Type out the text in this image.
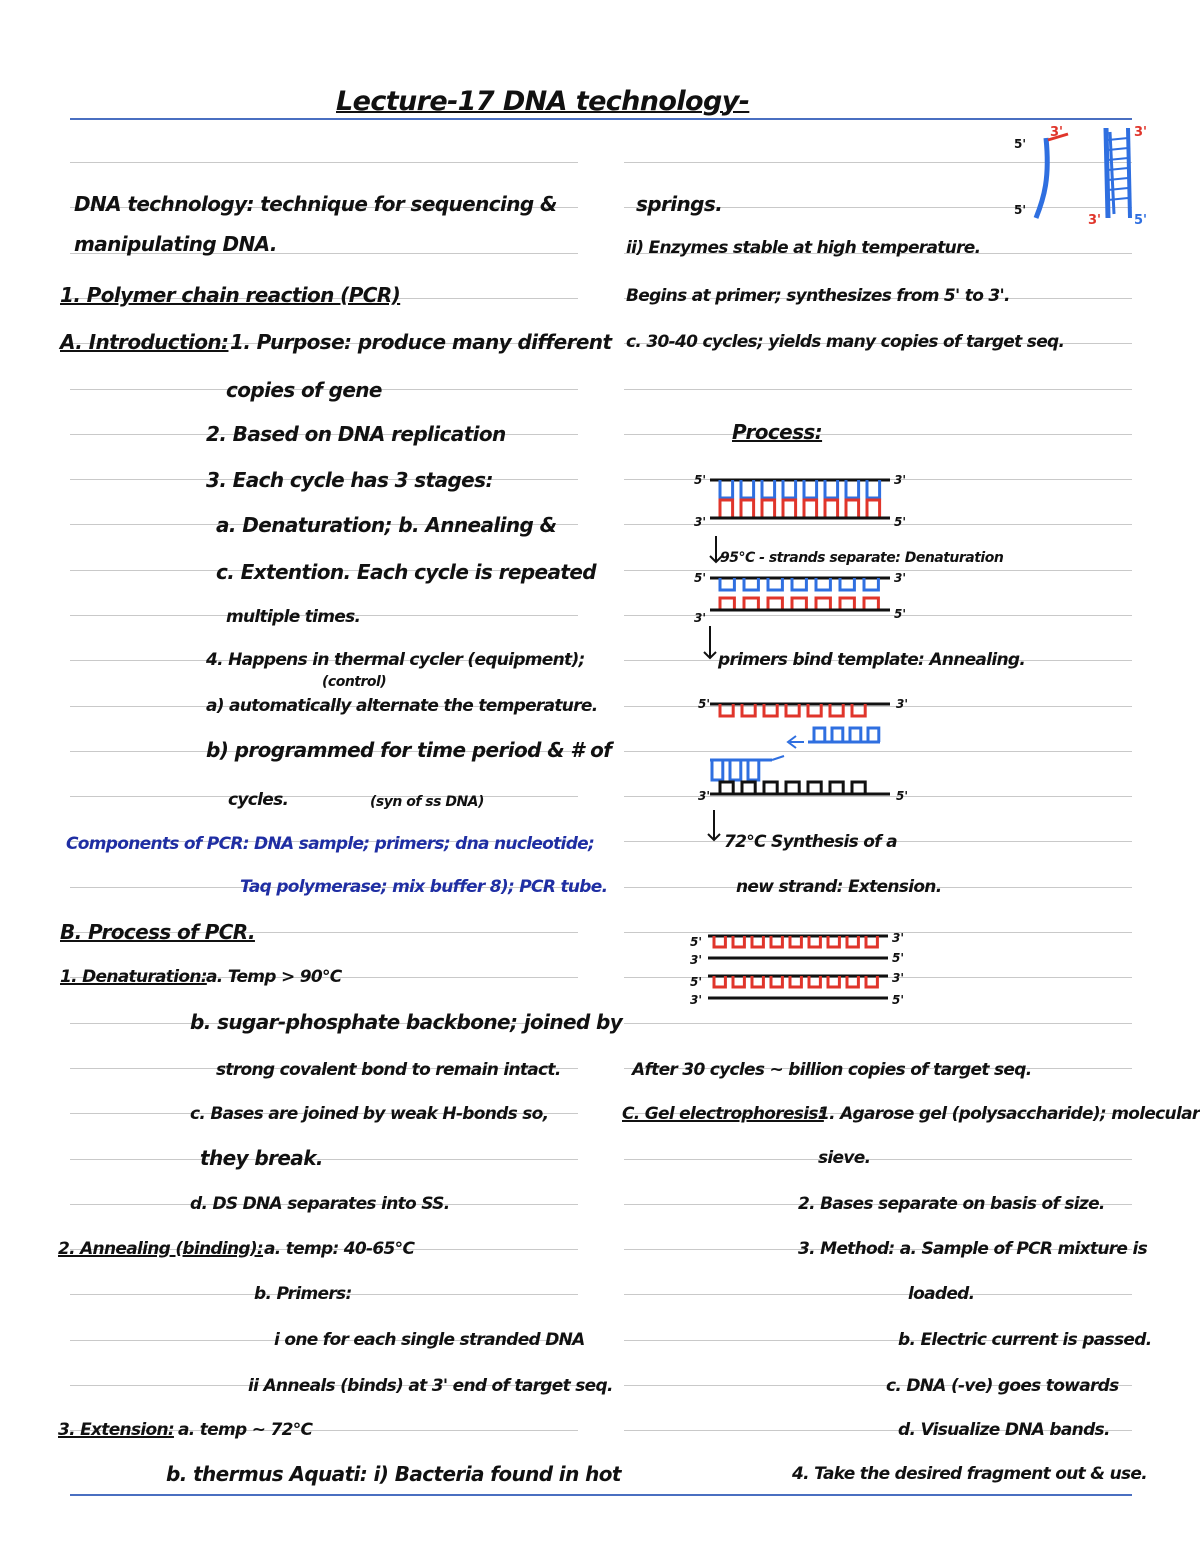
Lecture-17 DNA technology-
DNA technology: technique for sequencing &
manipulating DNA.
1. Polymer chain reaction (PCR)
A. Introduction: 1. Purpose: produce many different
copies of gene
2. Based on DNA replication
3. Each cycle has 3 stages:
a. Denaturation; b. Annealing &
c. Extention. Each cycle is repeated
multiple times.
4. Happens in thermal cycler (equipment);
(control)
a) automatically alternate the temperature.
b) programmed for time period & # of
cycles.	(syn of ss DNA)
Components of PCR: DNA sample; primers; dna nucleotide;
Taq polymerase; mix buffer 8); PCR tube.
B. Process of PCR.
1. Denaturation: a. Temp > 90°C
b. sugar-phosphate backbone; joined by
strong covalent bond to remain intact.
c. Bases are joined by weak H-bonds so,
they break.
d. DS DNA separates into SS.
2. Annealing (binding): a. temp: 40-65°C
b. Primers:
i one for each single stranded DNA
ii Anneals (binds) at 3' end of target seq.
3. Extension: a. temp ~ 72°C
b. thermus Aquati: i) Bacteria found in hot
springs.
ii) Enzymes stable at high temperature.
Begins at primer; synthesizes from 5' to 3'.
c. 30-40 cycles; yields many copies of target seq.
Process:
95°C - strands separate: Denaturation
primers bind template: Annealing.
72°C Synthesis of a
new strand: Extension.
After 30 cycles ~ billion copies of target seq.
C. Gel electrophoresis:
1. Agarose gel (polysaccharide); molecular
sieve.
2. Bases separate on basis of size.
3. Method: a. Sample of PCR mixture is
loaded.
b. Electric current is passed.
c. DNA (-ve) goes towards
d. Visualize DNA bands.
4. Take the desired fragment out & use.
5'
3'
5'
3'
3'	5'
5'	3'
3'	5'
5'	3'
3'	5'
5'	3'
3'	5'
5'	3'
3'	5'
5'	3'
3'	5'
